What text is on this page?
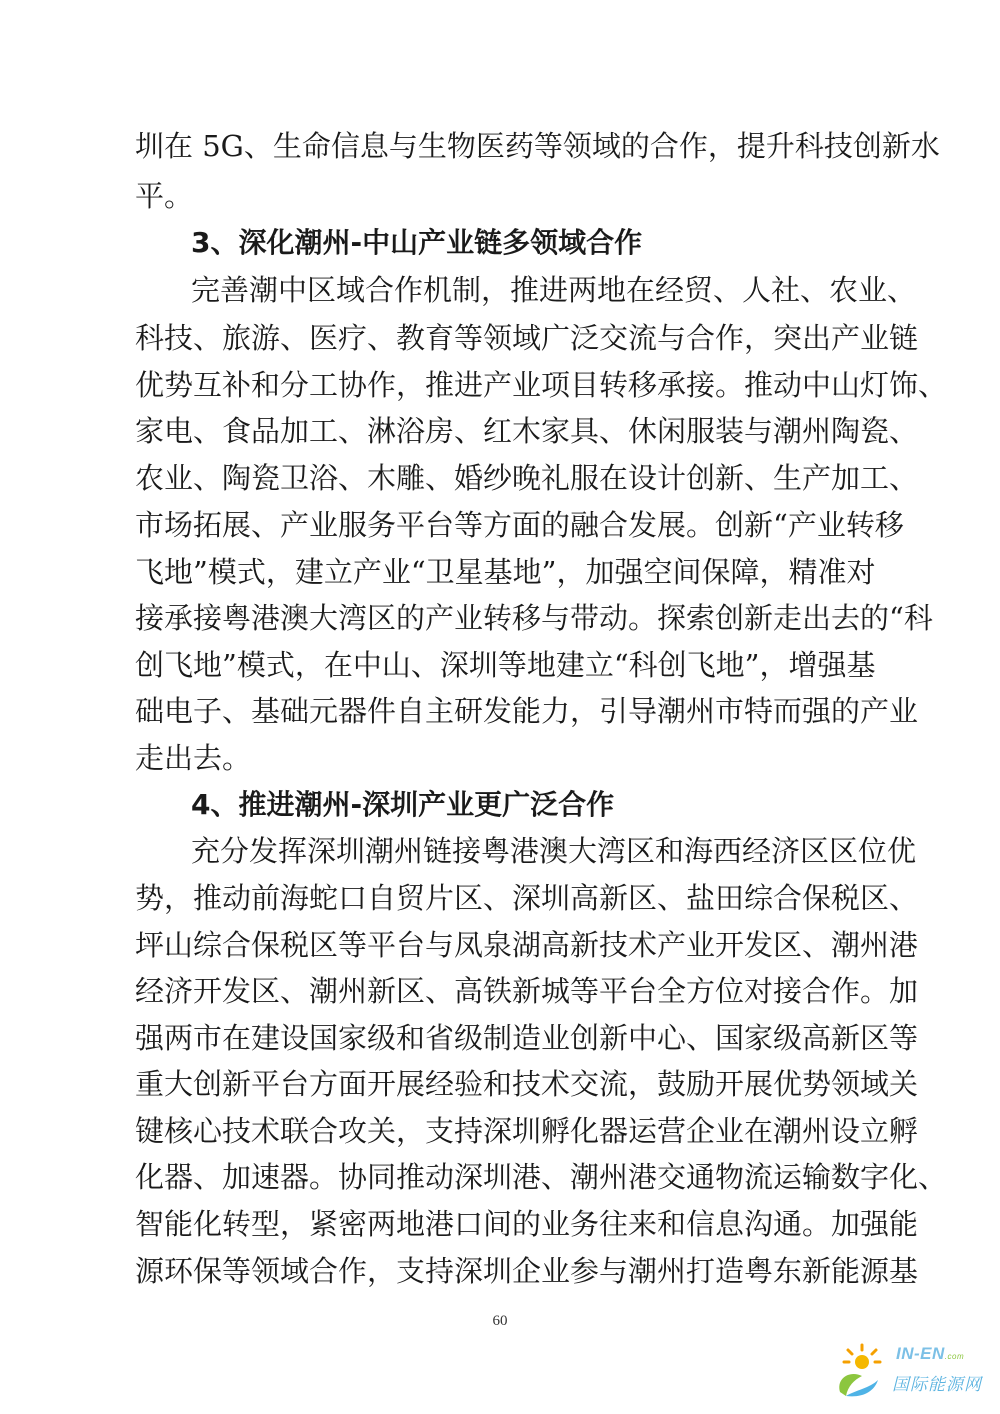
圳在 5G、生命信息与生物医药等领域的合作，提升科技创新水
平。
3、深化潮州-中山产业链多领域合作
完善潮中区域合作机制，推进两地在经贸、人社、农业、
科技、旅游、医疗、教育等领域广泛交流与合作，突出产业链
优势互补和分工协作，推进产业项目转移承接。推动中山灯饰、
家电、食品加工、淋浴房、红木家具、休闲服装与潮州陶瓷、
农业、陶瓷卫浴、木雕、婚纱晚礼服在设计创新、生产加工、
市场拓展、产业服务平台等方面的融合发展。创新“产业转移
飞地”模式，建立产业“卫星基地”，加强空间保障，精准对
接承接粤港澳大湾区的产业转移与带动。探索创新走出去的“科
创飞地”模式，在中山、深圳等地建立“科创飞地”，增强基
础电子、基础元器件自主研发能力，引导潮州市特而强的产业
走出去。
4、推进潮州-深圳产业更广泛合作
充分发挥深圳潮州链接粤港澳大湾区和海西经济区区位优
势，推动前海蛇口自贸片区、深圳高新区、盐田综合保税区、
坪山综合保税区等平台与凤泉湖高新技术产业开发区、潮州港
经济开发区、潮州新区、高铁新城等平台全方位对接合作。加
强两市在建设国家级和省级制造业创新中心、国家级高新区等
重大创新平台方面开展经验和技术交流，鼓励开展优势领域关
键核心技术联合攻关，支持深圳孵化器运营企业在潮州设立孵
化器、加速器。协同推动深圳港、潮州港交通物流运输数字化、
智能化转型，紧密两地港口间的业务往来和信息沟通。加强能
源环保等领域合作，支持深圳企业参与潮州打造粤东新能源基
60
IN-EN.com
国际能源网
